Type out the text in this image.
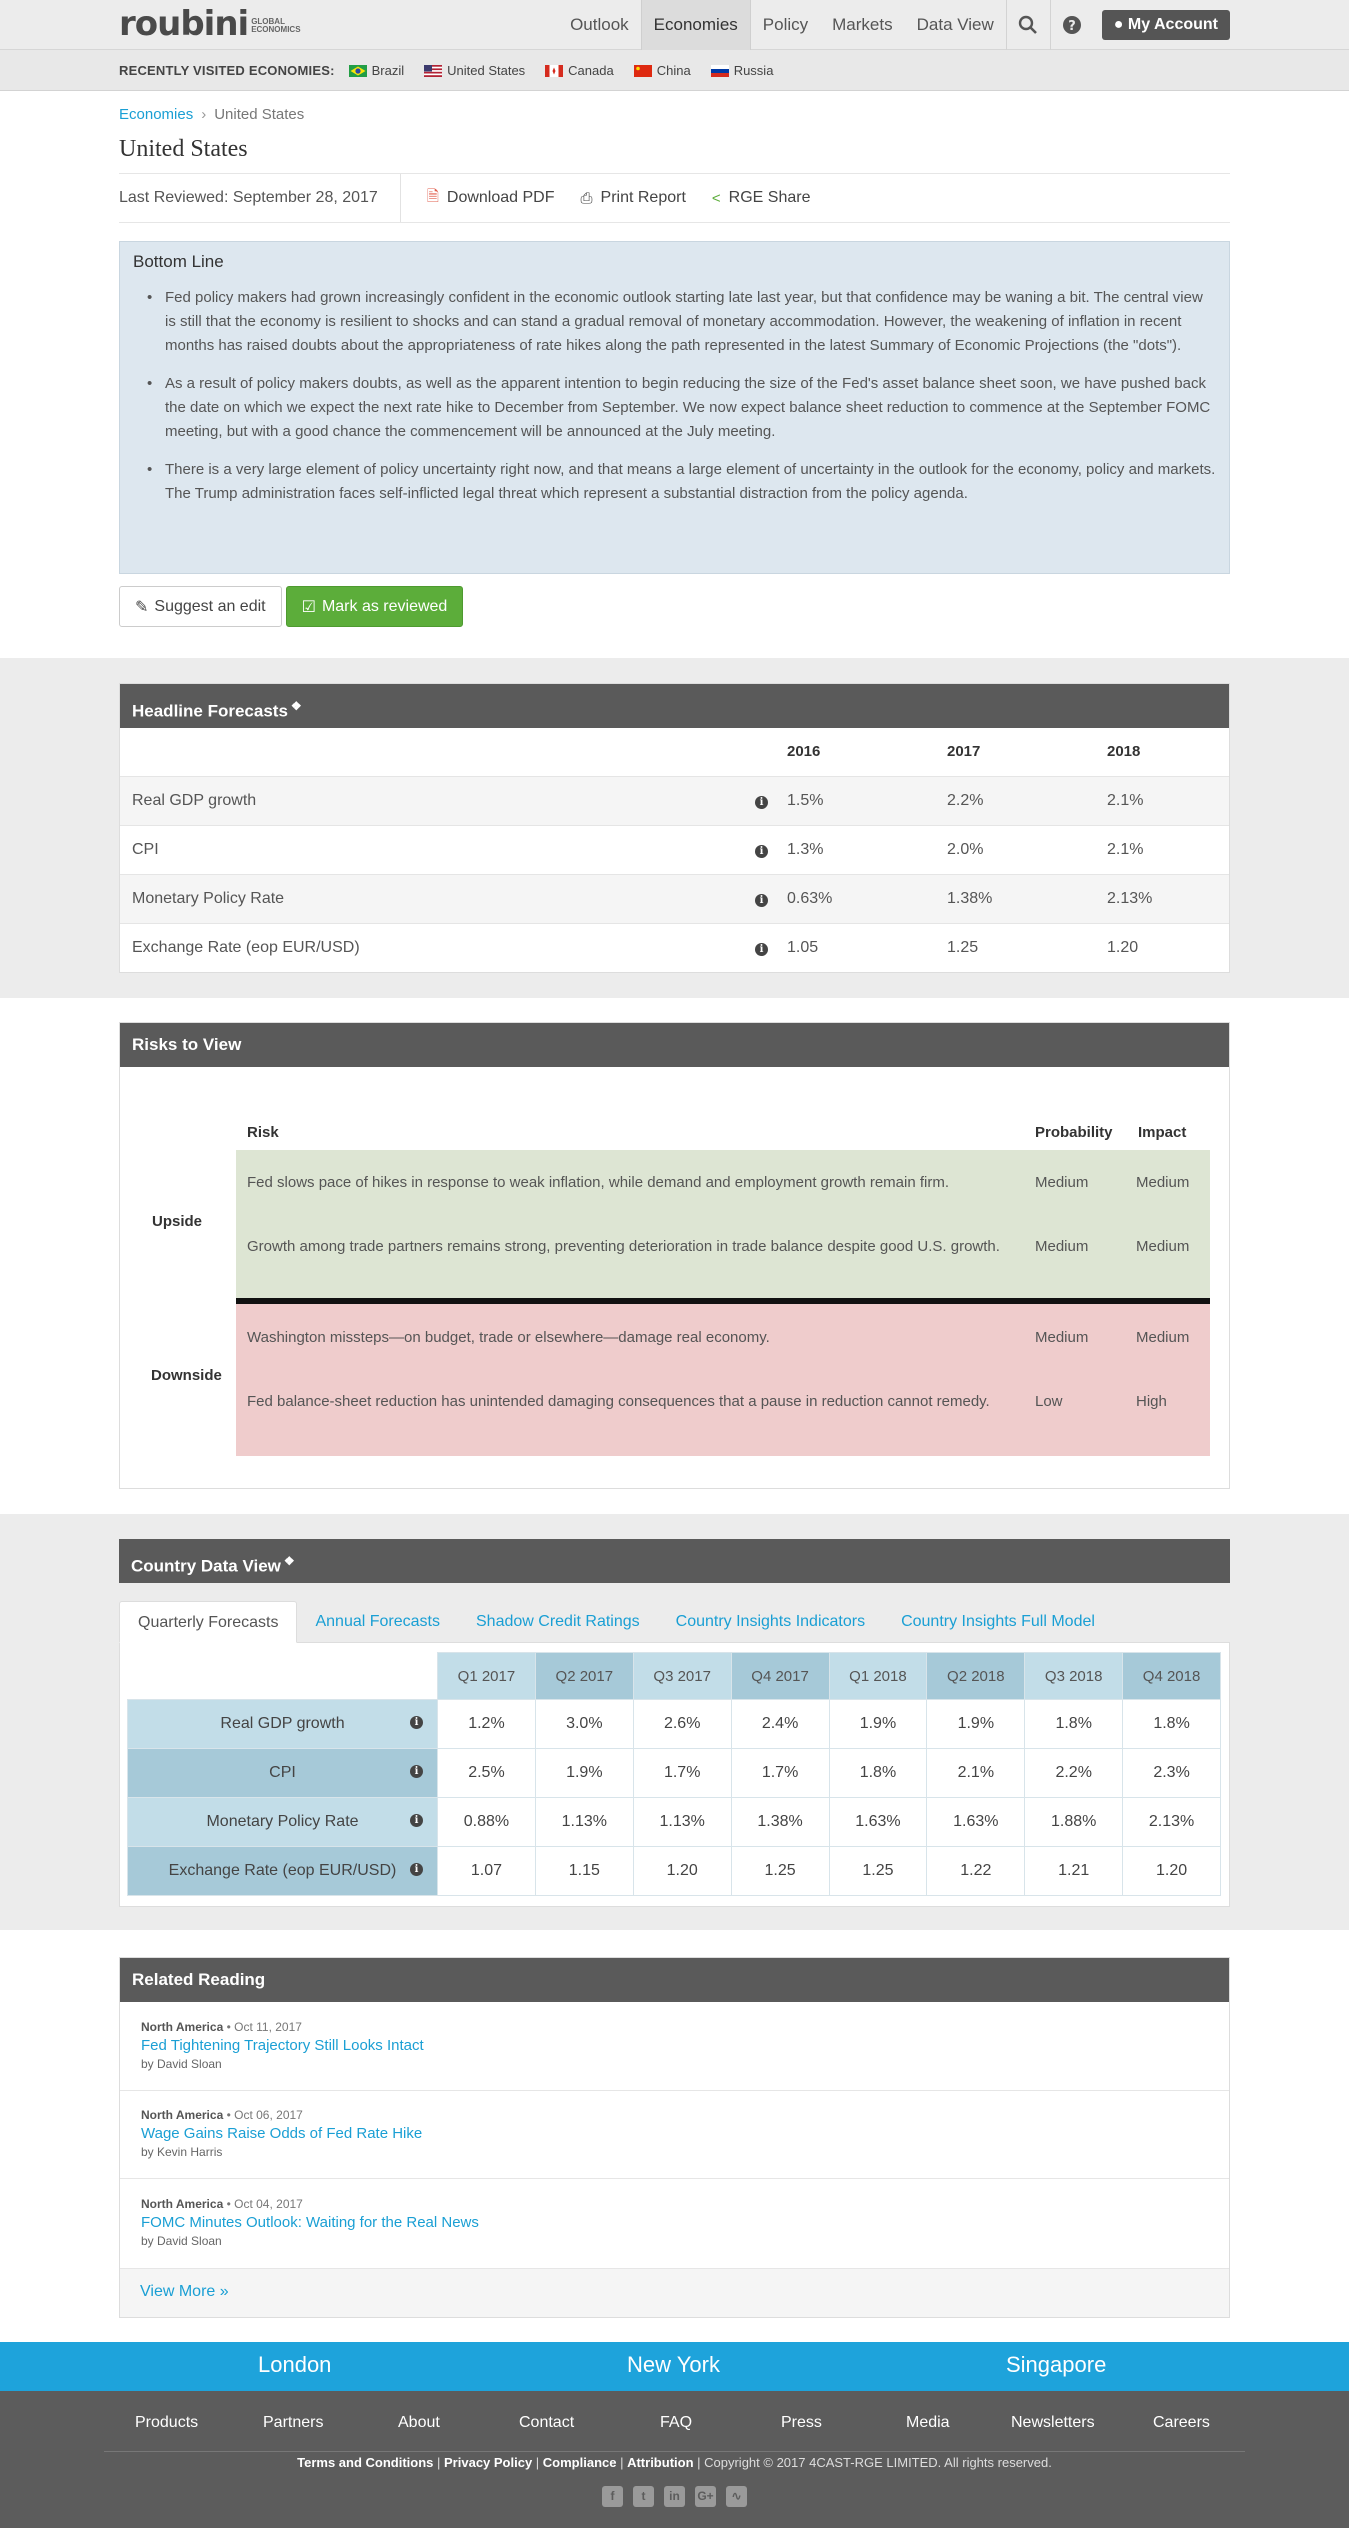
roubini GLOBAL
ECONOMICS	Outlook	Economies	Policy	Markets	Data View	?	● My Account
RECENTLY VISITED ECONOMIES:	Brazil	United States	Canada	China	Russia
Economies › United States
United States
Last Reviewed: September 28, 2017	🗎 Download PDF ⎙ Print Report < RGE Share
Bottom Line
• Fed policy makers had grown increasingly confident in the economic outlook starting late last year, but that confidence may be waning a bit. The central view is still that the economy is resilient to shocks and can stand a gradual removal of monetary accommodation. However, the weakening of inflation in recent months has raised doubts about the appropriateness of rate hikes along the path represented in the latest Summary of Economic Projections (the "dots").
• As a result of policy makers doubts, as well as the apparent intention to begin reducing the size of the Fed's asset balance sheet soon, we have pushed back the date on which we expect the next rate hike to December from September. We now expect balance sheet reduction to commence at the September FOMC meeting, but with a good chance the commencement will be announced at the July meeting.
• There is a very large element of policy uncertainty right now, and that means a large element of uncertainty in the outlook for the economy, policy and markets. The Trump administration faces self-inflicted legal threat which represent a substantial distraction from the policy agenda.
✎ Suggest an edit ☑ Mark as reviewed
Headline Forecasts ❖
		2016	2017	2018
Real GDP growth	i	1.5%	2.2%	2.1%
CPI	i	1.3%	2.0%	2.1%
Monetary Policy Rate	i	0.63%	1.38%	2.13%
Exchange Rate (eop EUR/USD)	i	1.05	1.25	1.20
Risks to View
Risk	Probability Impact
Upside
Downside
Fed slows pace of hikes in response to weak inflation, while demand and employment growth remain firm.	Medium	Medium
Growth among trade partners remains strong, preventing deterioration in trade balance despite good U.S. growth.	Medium	Medium
Washington missteps—on budget, trade or elsewhere—damage real economy.	Medium	Medium
Fed balance-sheet reduction has unintended damaging consequences that a pause in reduction cannot remedy.	Low	High
Country Data View ❖
Quarterly Forecasts	Annual Forecasts	Shadow Credit Ratings	Country Insights Indicators	Country Insights Full Model
	Q1 2017	Q2 2017	Q3 2017	Q4 2017	Q1 2018	Q2 2018	Q3 2018	Q4 2018
Real GDP growth i	1.2%	3.0%	2.6%	2.4%	1.9%	1.9%	1.8%	1.8%
CPI i	2.5%	1.9%	1.7%	1.7%	1.8%	2.1%	2.2%	2.3%
Monetary Policy Rate i	0.88%	1.13%	1.13%	1.38%	1.63%	1.63%	1.88%	2.13%
Exchange Rate (eop EUR/USD) i	1.07	1.15	1.20	1.25	1.25	1.22	1.21	1.20
Related Reading
North America • Oct 11, 2017
Fed Tightening Trajectory Still Looks Intact
by David Sloan
North America • Oct 06, 2017
Wage Gains Raise Odds of Fed Rate Hike
by Kevin Harris
North America • Oct 04, 2017
FOMC Minutes Outlook: Waiting for the Real News
by David Sloan
View More »
London	New York	Singapore
Products	Partners	About	Contact	FAQ	Press	Media	Newsletters	Careers
Terms and Conditions | Privacy Policy | Compliance | Attribution | Copyright © 2017 4CAST-RGE LIMITED. All rights reserved.
f t in G+ ∿
